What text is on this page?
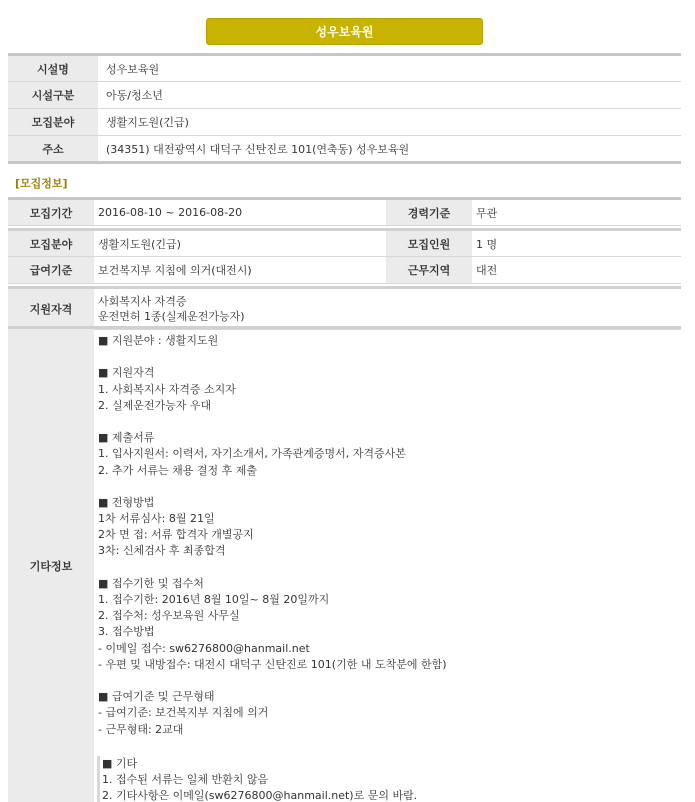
성우보육원
시설명	성우보육원
시설구분	아동/청소년
모집분야	생활지도원(긴급)
주소	(34351) 대전광역시 대덕구 신탄진로 101(연축동) 성우보육원
[모집정보]
모집기간	2016-08-10 ~ 2016-08-20	경력기준	무관

모집분야	생활지도원(긴급)	모집인원	1 명
급여기준	보건복지부 지침에 의거(대전시)	근무지역	대전

지원자격	사회복지사 자격증
운전면허 1종(실제운전가능자)		
기타정보
■ 지원분야 : 생활지도원
■ 지원자격
1. 사회복지사 자격증 소지자
2. 실제운전가능자 우대
■ 제출서류
1. 입사지원서: 이력서, 자기소개서, 가족관계증명서, 자격증사본
2. 추가 서류는 채용 결정 후 제출
■ 전형방법
1차 서류심사: 8월 21일
2차 면 접: 서류 합격자 개별공지
3차: 신체검사 후 최종합격
■ 접수기한 및 접수처
1. 접수기한: 2016년 8월 10일~ 8월 20일까지
2. 접수처: 성우보육원 사무실
3. 접수방법
- 이메일 접수: sw6276800@hanmail.net
- 우편 및 내방접수: 대전시 대덕구 신탄진로 101(기한 내 도착분에 한함)
■ 급여기준 및 근무형태
- 급여기준: 보건복지부 지침에 의거
- 근무형태: 2교대
■ 기타
1. 접수된 서류는 일체 반환치 않음
2. 기타사항은 이메일(sw6276800@hanmail.net)로 문의 바람.
